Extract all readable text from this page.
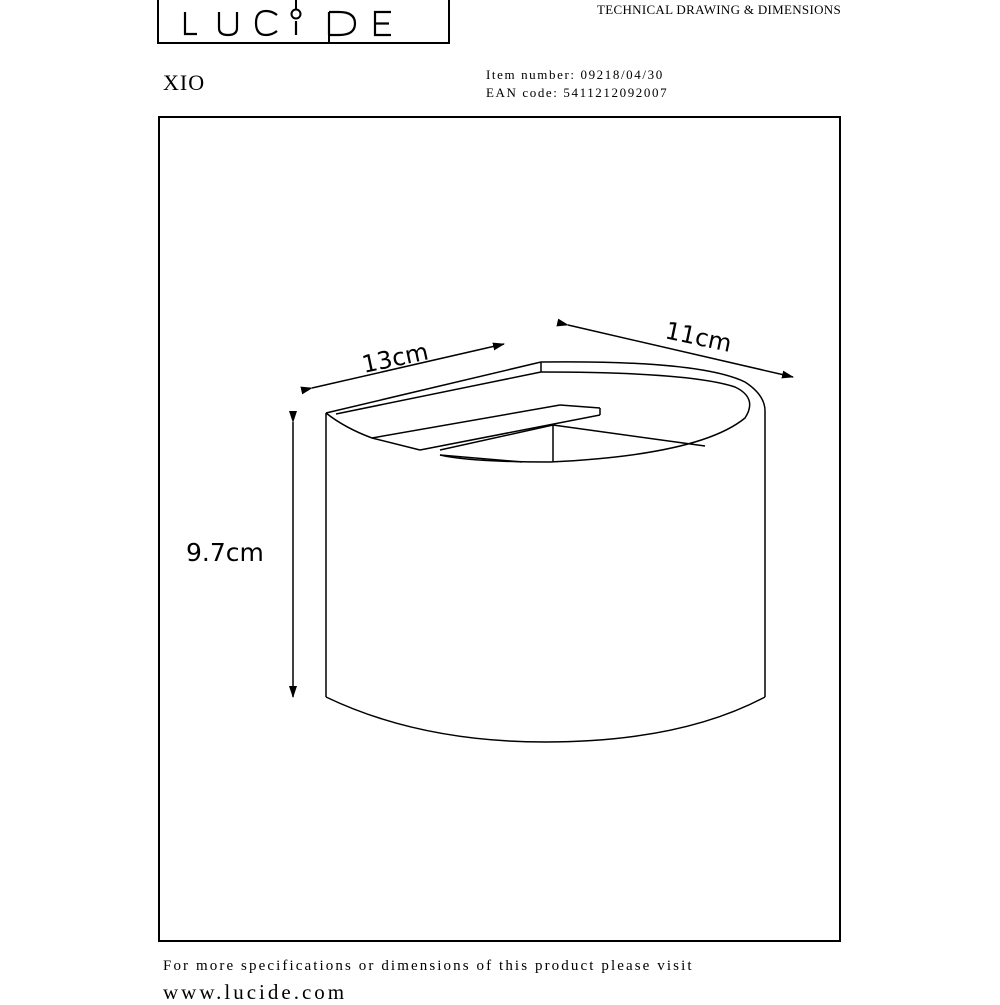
TECHNICAL DRAWING & DIMENSIONS
XIO	Item number: 09218/04/30
EAN code: 5411212092007
13cm
11cm
9.7cm
For more specifications or dimensions of this product please visit
www.lucide.com
